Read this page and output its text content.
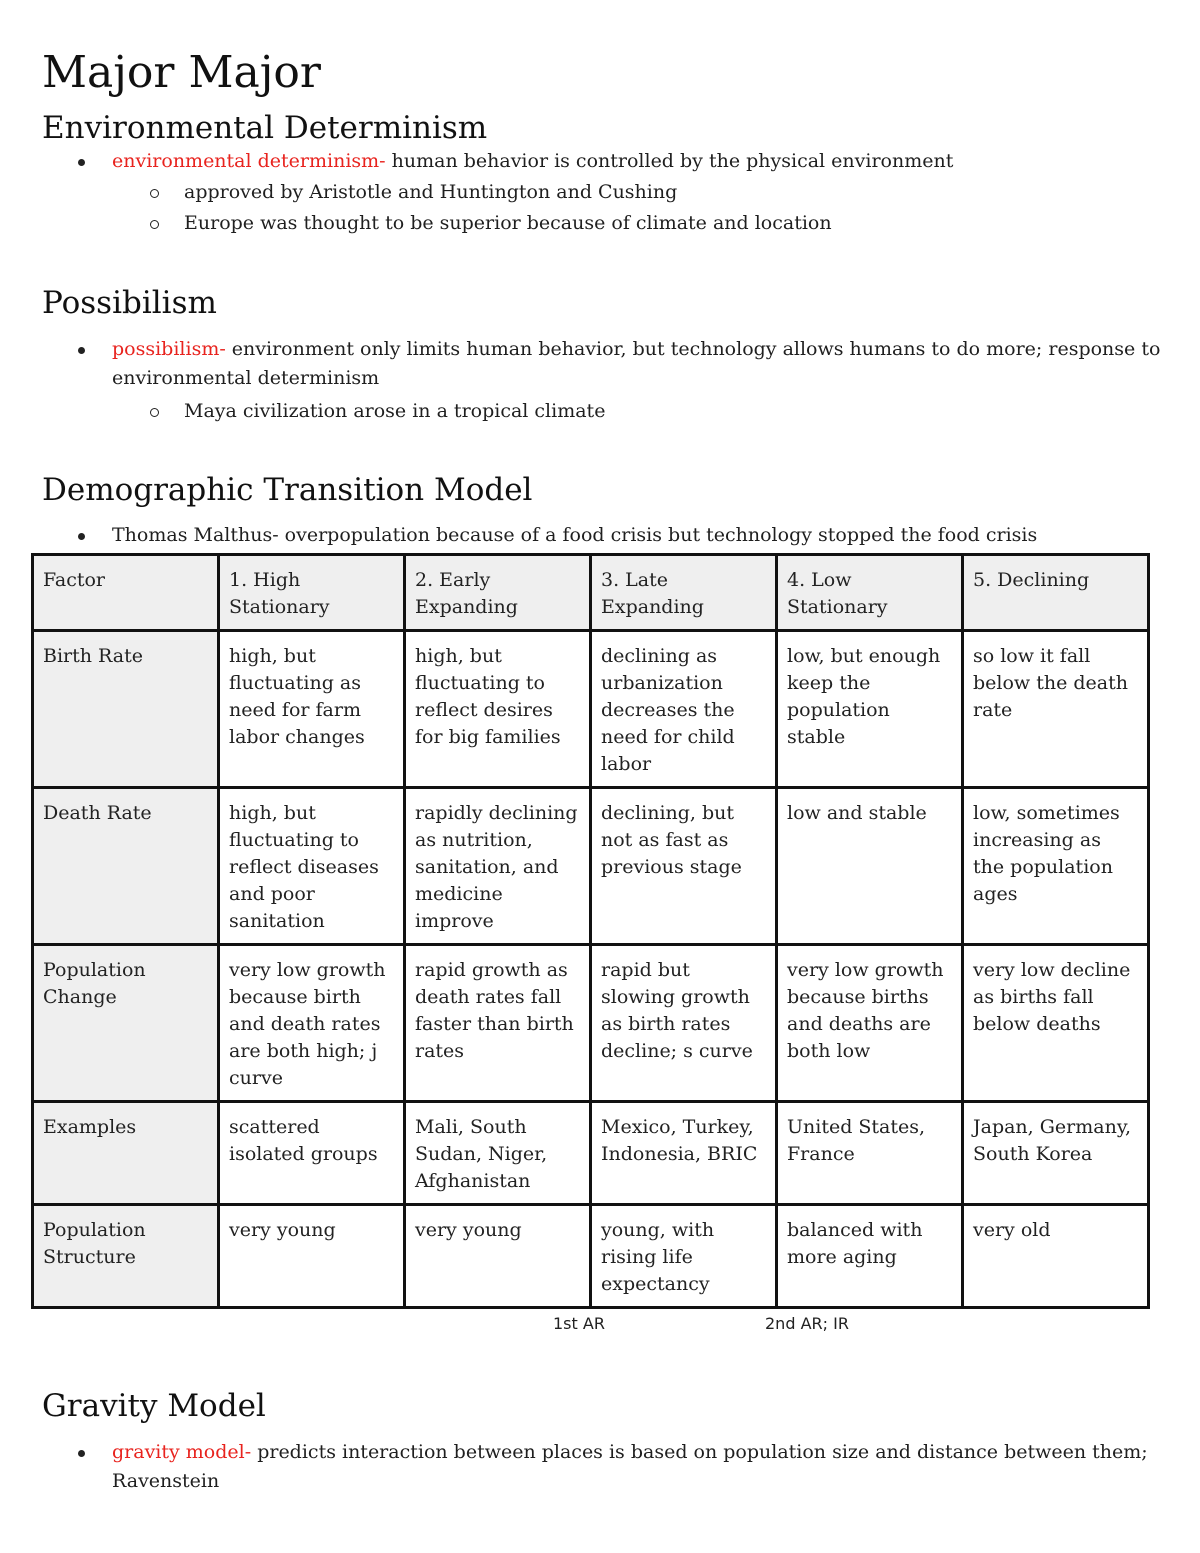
Major Major
Environmental Determinism
environmental determinism- human behavior is controlled by the physical environment
approved by Aristotle and Huntington and Cushing
Europe was thought to be superior because of climate and location
Possibilism
possibilism- environment only limits human behavior, but technology allows humans to do more; response to
environmental determinism
Maya civilization arose in a tropical climate
Demographic Transition Model
Thomas Malthus- overpopulation because of a food crisis but technology stopped the food crisis
Factor	1. High Stationary	2. Early Expanding	3. Late Expanding	4. Low Stationary	5. Declining
Birth Rate	high, but fluctuating as need for farm labor changes	high, but fluctuating to reflect desires for big families	declining as urbanization decreases the need for child labor	low, but enough keep the population stable	so low it fall below the death rate
Death Rate	high, but fluctuating to reflect diseases and poor sanitation	rapidly declining as nutrition, sanitation, and medicine improve	declining, but not as fast as previous stage	low and stable	low, sometimes increasing as the population ages
Population Change	very low growth because birth and death rates are both high; j curve	rapid growth as death rates fall faster than birth rates	rapid but slowing growth as birth rates decline; s curve	very low growth because births and deaths are both low	very low decline as births fall below deaths
Examples	scattered isolated groups	Mali, South Sudan, Niger, Afghanistan	Mexico, Turkey, Indonesia, BRIC	United States, France	Japan, Germany, South Korea
Population Structure	very young	very young	young, with rising life expectancy	balanced with more aging	very old
1st AR	2nd AR; IR
Gravity Model
gravity model- predicts interaction between places is based on population size and distance between them;
Ravenstein
